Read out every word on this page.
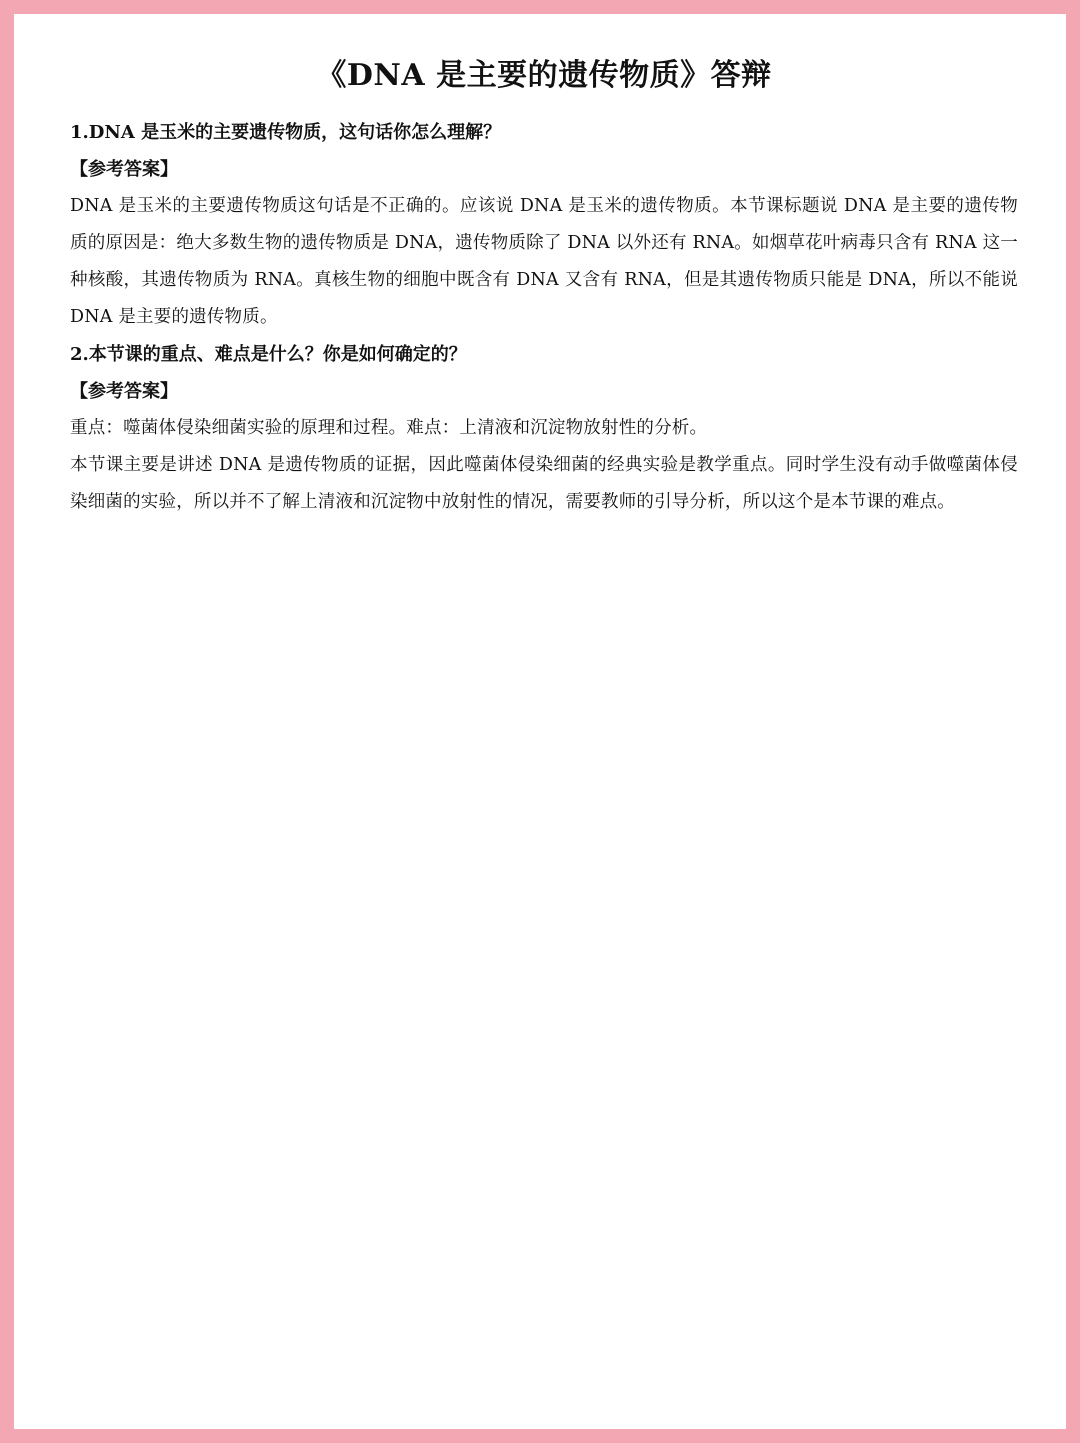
《DNA 是主要的遗传物质》答辩

1.DNA 是玉米的主要遗传物质，这句话你怎么理解？

【参考答案】

DNA 是玉米的主要遗传物质这句话是不正确的。应该说 DNA 是玉米的遗传物质。本节课标题说 DNA 是主要的遗传物质的原因是：绝大多数生物的遗传物质是 DNA，遗传物质除了 DNA 以外还有 RNA。如烟草花叶病毒只含有 RNA 这一种核酸，其遗传物质为 RNA。真核生物的细胞中既含有 DNA 又含有 RNA，但是其遗传物质只能是 DNA，所以不能说 DNA 是主要的遗传物质。

2.本节课的重点、难点是什么？你是如何确定的？

【参考答案】

重点：噬菌体侵染细菌实验的原理和过程。难点：上清液和沉淀物放射性的分析。

本节课主要是讲述 DNA 是遗传物质的证据，因此噬菌体侵染细菌的经典实验是教学重点。同时学生没有动手做噬菌体侵染细菌的实验，所以并不了解上清液和沉淀物中放射性的情况，需要教师的引导分析，所以这个是本节课的难点。
